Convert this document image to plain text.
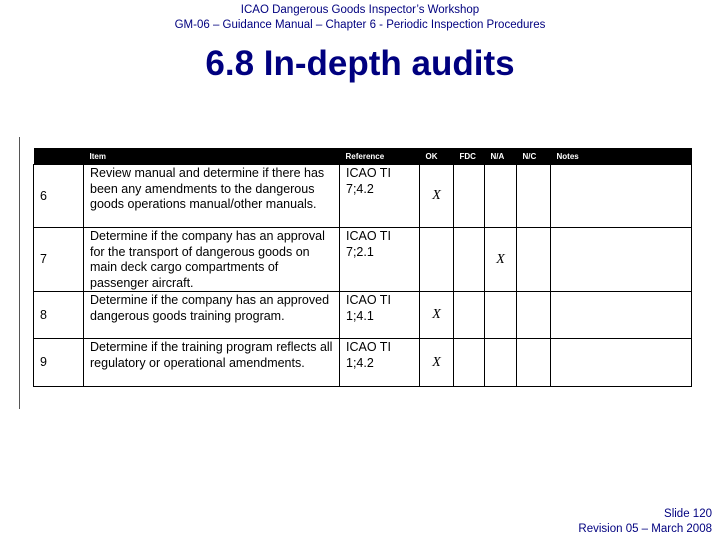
ICAO Dangerous Goods Inspector’s Workshop
GM-06 – Guidance Manual – Chapter 6 - Periodic Inspection Procedures
6.8 In-depth audits
	Item	Reference	OK	FDC	N/A	N/C	Notes
6	Review manual and determine if there has been any amendments to the dangerous goods operations manual/other manuals.	ICAO TI 7;4.2	X				
7	Determine if the company has an approval for the transport of dangerous goods on main deck cargo compartments of passenger aircraft.	ICAO TI 7;2.1			X		
8	Determine if the company has an approved dangerous goods training program.	ICAO TI 1;4.1	X				
9	Determine if the training program reflects all regulatory or operational amendments.	ICAO TI 1;4.2	X				
Slide 120
Revision 05 – March 2008
